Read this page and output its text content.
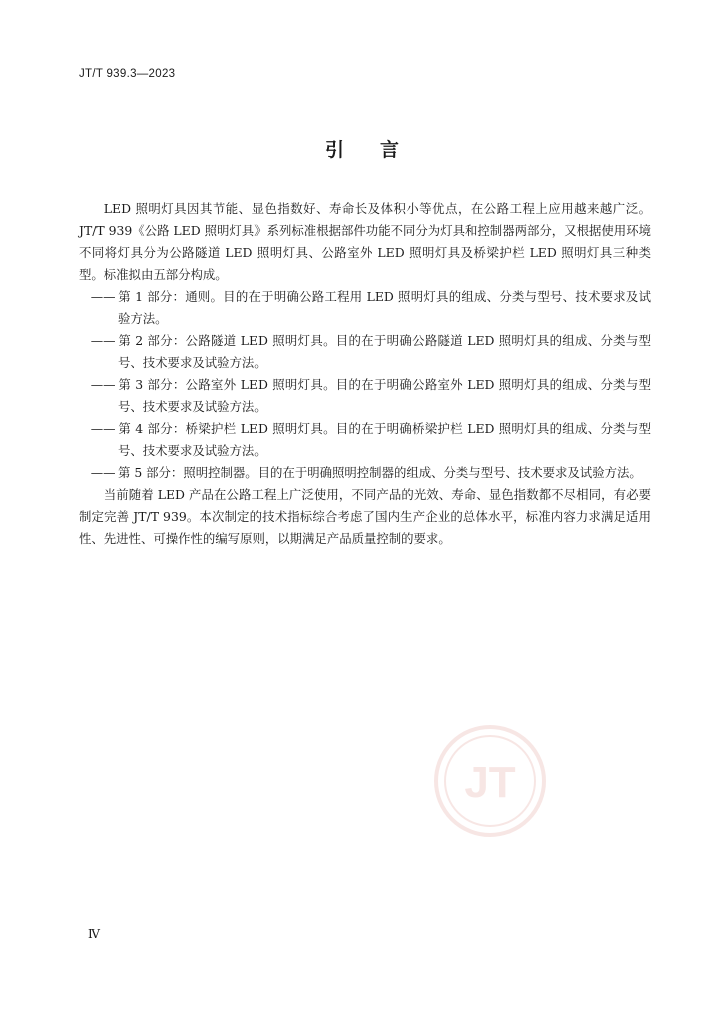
JT/T 939.3—2023
引言

LED 照明灯具因其节能、显色指数好、寿命长及体积小等优点，在公路工程上应用越来越广泛。JT/T 939《公路 LED 照明灯具》系列标准根据部件功能不同分为灯具和控制器两部分，又根据使用环境不同将灯具分为公路隧道 LED 照明灯具、公路室外 LED 照明灯具及桥梁护栏 LED 照明灯具三种类型。标准拟由五部分构成。

—— 第 1 部分：通则。目的在于明确公路工程用 LED 照明灯具的组成、分类与型号、技术要求及试验方法。

—— 第 2 部分：公路隧道 LED 照明灯具。目的在于明确公路隧道 LED 照明灯具的组成、分类与型号、技术要求及试验方法。

—— 第 3 部分：公路室外 LED 照明灯具。目的在于明确公路室外 LED 照明灯具的组成、分类与型号、技术要求及试验方法。

—— 第 4 部分：桥梁护栏 LED 照明灯具。目的在于明确桥梁护栏 LED 照明灯具的组成、分类与型号、技术要求及试验方法。

—— 第 5 部分：照明控制器。目的在于明确照明控制器的组成、分类与型号、技术要求及试验方法。

当前随着 LED 产品在公路工程上广泛使用，不同产品的光效、寿命、显色指数都不尽相同，有必要制定完善 JT/T 939。本次制定的技术指标综合考虑了国内生产企业的总体水平，标准内容力求满足适用性、先进性、可操作性的编写原则，以期满足产品质量控制的要求。

JT
Ⅳ
